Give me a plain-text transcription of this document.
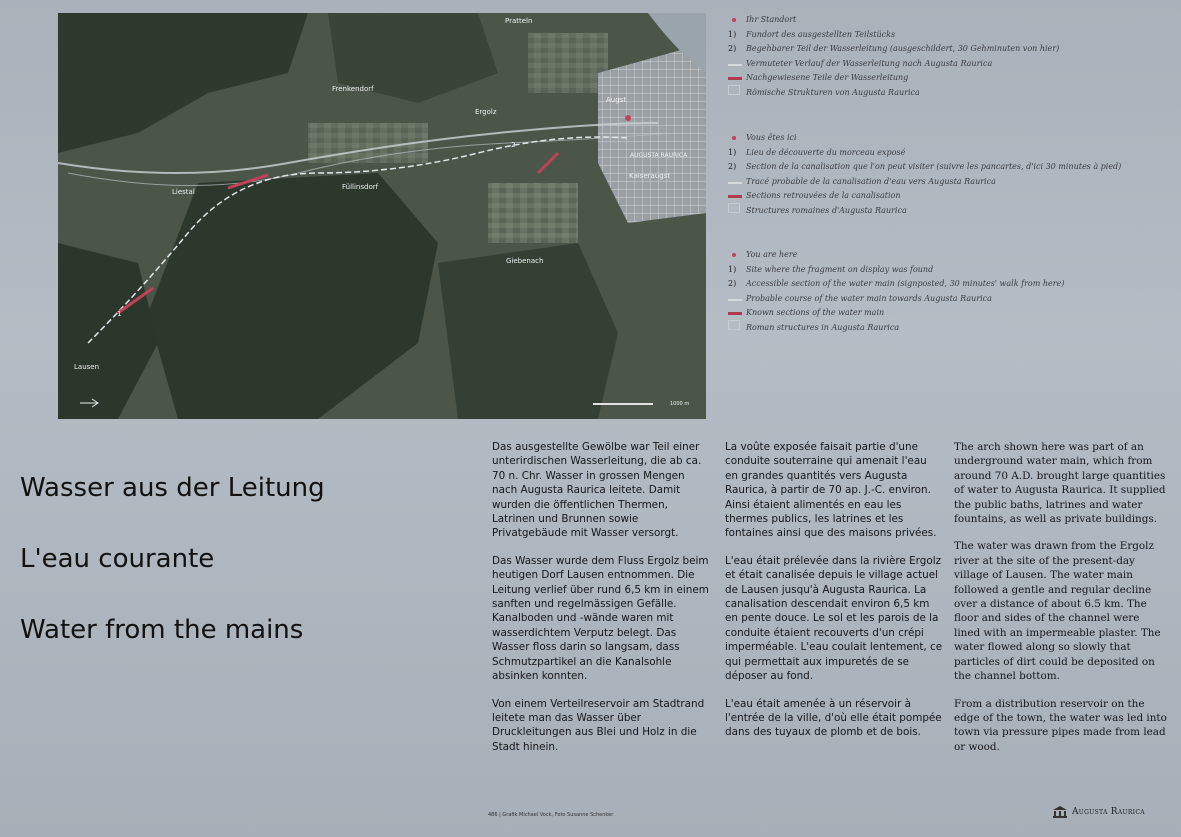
Pratteln
Frenkendorf
Ergolz
Augst
AUGUSTA RAURICA
Kaiseraugst
Liestal
Füllinsdorf
Giebenach
Lausen
1
2
1000 m
Ihr Standort
1)	Fundort des ausgestellten Teilstücks
2)	Begehbarer Teil der Wasserleitung (ausgeschildert, 30 Gehminuten von hier)
Vermuteter Verlauf der Wasserleitung nach Augusta Raurica
Nachgewiesene Teile der Wasserleitung
Römische Strukturen von Augusta Raurica
Vous êtes ici
1)	Lieu de découverte du morceau exposé
2)	Section de la canalisation que l'on peut visiter (suivre les pancartes, d'ici 30 minutes à pied)
Tracé probable de la canalisation d'eau vers Augusta Raurica
Sections retrouvées de la canalisation
Structures romaines d'Augusta Raurica
You are here
1)	Site where the fragment on display was found
2)	Accessible section of the water main (signposted, 30 minutes' walk from here)
Probable course of the water main towards Augusta Raurica
Known sections of the water main
Roman structures in Augusta Raurica
Wasser aus der Leitung
L'eau courante
Water from the mains

Das ausgestellte Gewölbe war Teil einer unterirdischen Wasserleitung, die ab ca. 70 n. Chr. Wasser in grossen Mengen nach Augusta Raurica leitete. Damit wurden die öffentlichen Thermen, Latrinen und Brunnen sowie Privatgebäude mit Wasser versorgt.

Das Wasser wurde dem Fluss Ergolz beim heutigen Dorf Lausen entnommen. Die Leitung verlief über rund 6,5 km in einem sanften und regelmässigen Gefälle. Kanalboden und -wände waren mit wasserdichtem Verputz belegt. Das Wasser floss darin so langsam, dass Schmutzpartikel an die Kanalsohle absinken konnten.

Von einem Verteilreservoir am Stadtrand leitete man das Wasser über Druckleitungen aus Blei und Holz in die Stadt hinein.

La voûte exposée faisait partie d'une conduite souterraine qui amenait l'eau en grandes quantités vers Augusta Raurica, à partir de 70 ap. J.-C. environ. Ainsi étaient alimentés en eau les thermes publics, les latrines et les fontaines ainsi que des maisons privées.

L'eau était prélevée dans la rivière Ergolz et était canalisée depuis le village actuel de Lausen jusqu'à Augusta Raurica. La canalisation descendait environ 6,5 km en pente douce. Le sol et les parois de la conduite étaient recouverts d'un crépi imperméable. L'eau coulait lentement, ce qui permettait aux impuretés de se déposer au fond.

L'eau était amenée à un réservoir à l'entrée de la ville, d'où elle était pompée dans des tuyaux de plomb et de bois.

The arch shown here was part of an underground water main, which from around 70 A.D. brought large quantities of water to Augusta Raurica. It supplied the public baths, latrines and water fountains, as well as private buildings.

The water was drawn from the Ergolz river at the site of the present-day village of Lausen. The water main followed a gentle and regular decline over a distance of about 6.5 km. The floor and sides of the channel were lined with an impermeable plaster. The water flowed along so slowly that particles of dirt could be deposited on the channel bottom.

From a distribution reservoir on the edge of the town, the water was led into town via pressure pipes made from lead or wood.

486 | Grafik Michael Vock, Foto Susanne Schenker	Augusta Raurica
